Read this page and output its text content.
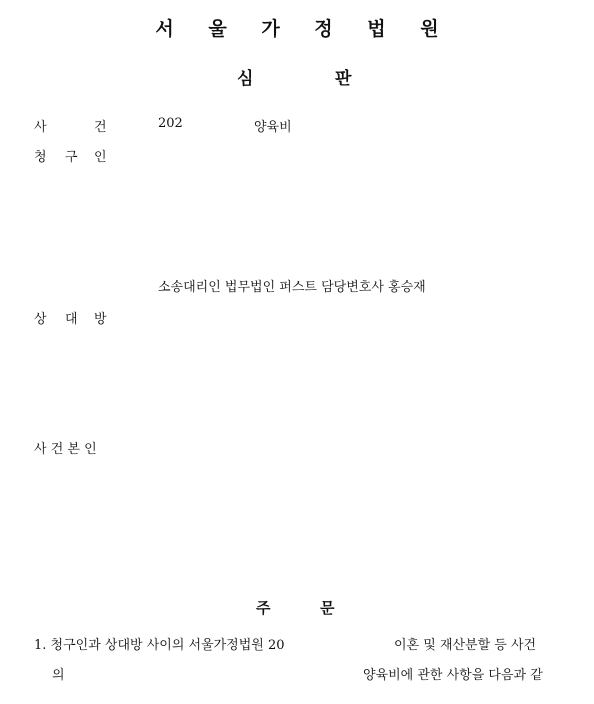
서 울 가 정 법 원
심	판
사	건	202	양육비
청 구 인
소송대리인 법무법인 퍼스트 담당변호사 홍승재
상 대 방
사 건 본 인
주	문
1. 청구인과 상대방 사이의 서울가정법원 20	이혼 및 재산분할 등 사건
의	양육비에 관한 사항을 다음과 같
